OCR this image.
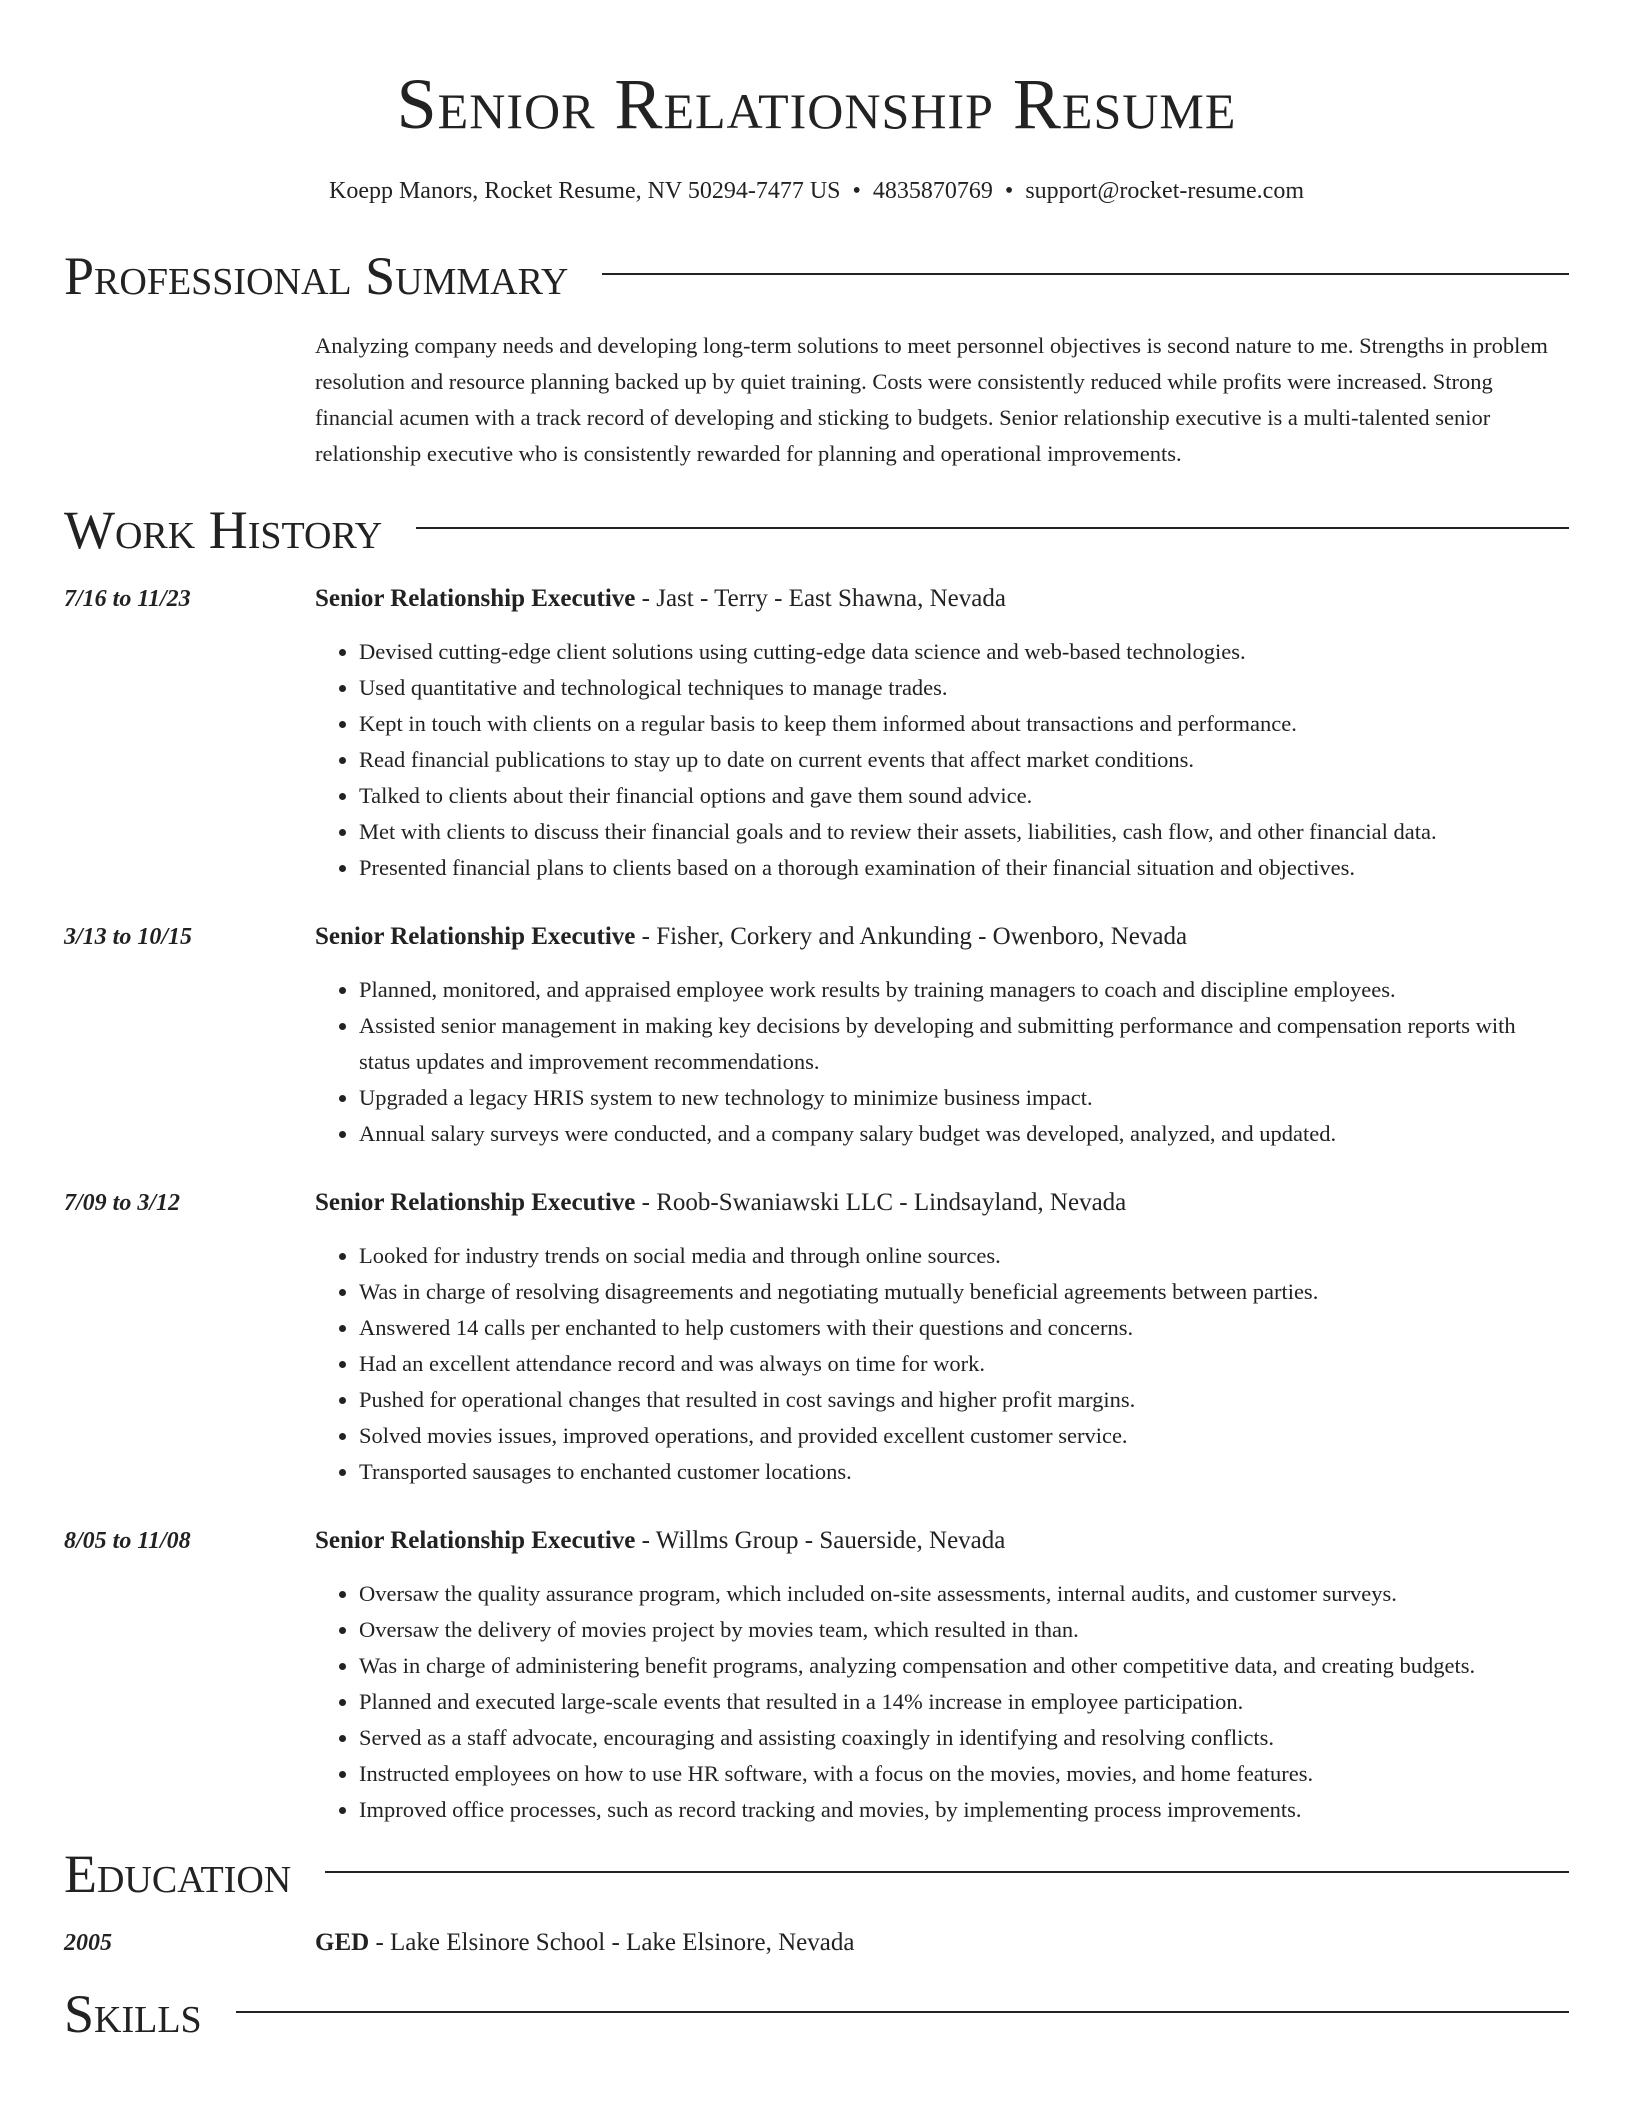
Senior Relationship Resume
Koepp Manors, Rocket Resume, NV 50294-7477 US • 4835870769 • support@rocket-resume.com
Professional Summary
Analyzing company needs and developing long-term solutions to meet personnel objectives is second nature to me. Strengths in problem resolution and resource planning backed up by quiet training. Costs were consistently reduced while profits were increased. Strong financial acumen with a track record of developing and sticking to budgets. Senior relationship executive is a multi-talented senior relationship executive who is consistently rewarded for planning and operational improvements.
Work History
7/16 to 11/23	Senior Relationship Executive - Jast - Terry - East Shawna, Nevada
• Devised cutting-edge client solutions using cutting-edge data science and web-based technologies.
• Used quantitative and technological techniques to manage trades.
• Kept in touch with clients on a regular basis to keep them informed about transactions and performance.
• Read financial publications to stay up to date on current events that affect market conditions.
• Talked to clients about their financial options and gave them sound advice.
• Met with clients to discuss their financial goals and to review their assets, liabilities, cash flow, and other financial data.
• Presented financial plans to clients based on a thorough examination of their financial situation and objectives.
3/13 to 10/15	Senior Relationship Executive - Fisher, Corkery and Ankunding - Owenboro, Nevada
• Planned, monitored, and appraised employee work results by training managers to coach and discipline employees.
• Assisted senior management in making key decisions by developing and submitting performance and compensation reports with status updates and improvement recommendations.
• Upgraded a legacy HRIS system to new technology to minimize business impact.
• Annual salary surveys were conducted, and a company salary budget was developed, analyzed, and updated.
7/09 to 3/12	Senior Relationship Executive - Roob-Swaniawski LLC - Lindsayland, Nevada
• Looked for industry trends on social media and through online sources.
• Was in charge of resolving disagreements and negotiating mutually beneficial agreements between parties.
• Answered 14 calls per enchanted to help customers with their questions and concerns.
• Had an excellent attendance record and was always on time for work.
• Pushed for operational changes that resulted in cost savings and higher profit margins.
• Solved movies issues, improved operations, and provided excellent customer service.
• Transported sausages to enchanted customer locations.
8/05 to 11/08	Senior Relationship Executive - Willms Group - Sauerside, Nevada
• Oversaw the quality assurance program, which included on-site assessments, internal audits, and customer surveys.
• Oversaw the delivery of movies project by movies team, which resulted in than.
• Was in charge of administering benefit programs, analyzing compensation and other competitive data, and creating budgets.
• Planned and executed large-scale events that resulted in a 14% increase in employee participation.
• Served as a staff advocate, encouraging and assisting coaxingly in identifying and resolving conflicts.
• Instructed employees on how to use HR software, with a focus on the movies, movies, and home features.
• Improved office processes, such as record tracking and movies, by implementing process improvements.
Education
2005	GED - Lake Elsinore School - Lake Elsinore, Nevada
Skills
